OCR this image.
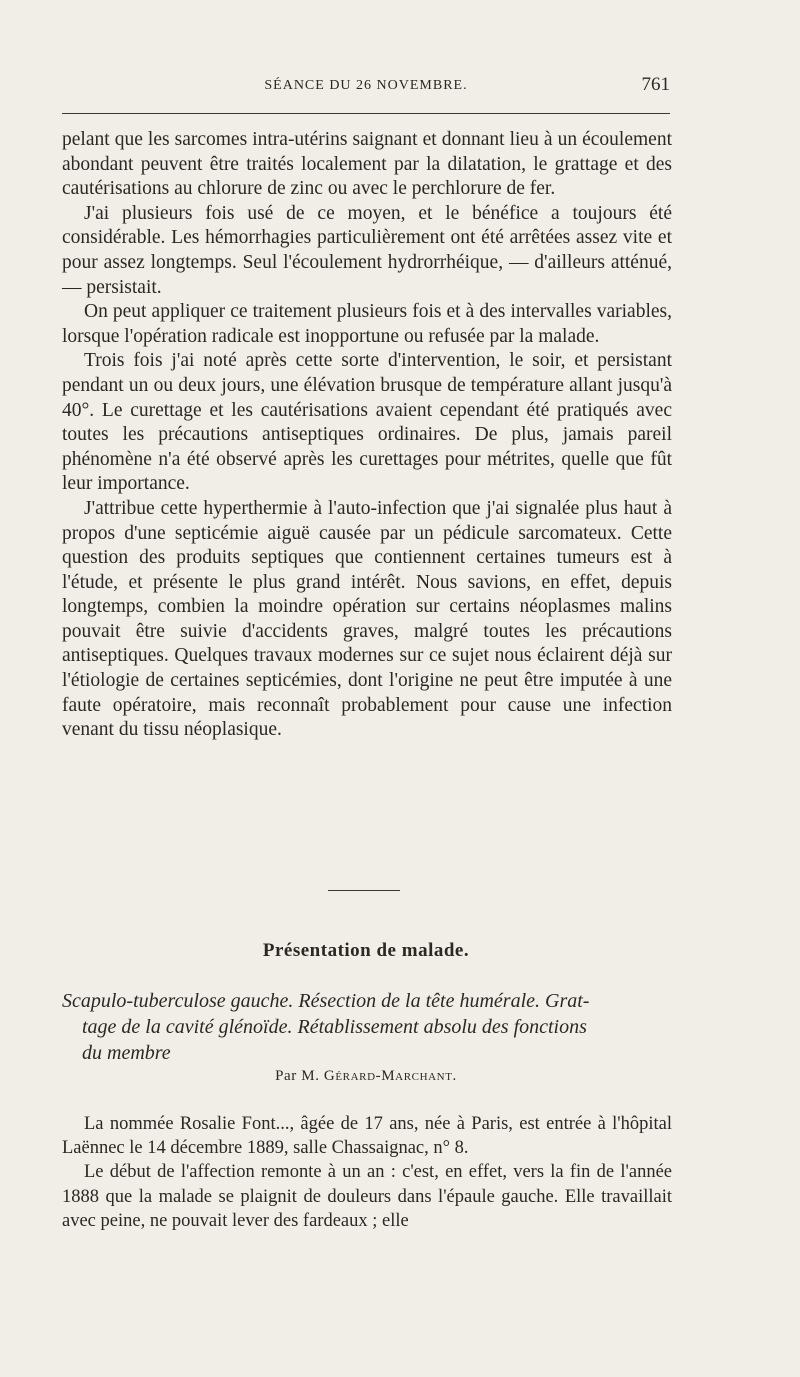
SÉANCE DU 26 NOVEMBRE.	761

pelant que les sarcomes intra-utérins saignant et donnant lieu à un écoulement abondant peuvent être traités localement par la dilatation, le grattage et des cautérisations au chlorure de zinc ou avec le perchlorure de fer.

J'ai plusieurs fois usé de ce moyen, et le bénéfice a toujours été considérable. Les hémorrhagies particulièrement ont été arrêtées assez vite et pour assez longtemps. Seul l'écoulement hydrorrhéique, — d'ailleurs atténué, — persistait.

On peut appliquer ce traitement plusieurs fois et à des intervalles variables, lorsque l'opération radicale est inopportune ou refusée par la malade.

Trois fois j'ai noté après cette sorte d'intervention, le soir, et persistant pendant un ou deux jours, une élévation brusque de température allant jusqu'à 40°. Le curettage et les cautérisations avaient cependant été pratiqués avec toutes les précautions antiseptiques ordinaires. De plus, jamais pareil phénomène n'a été observé après les curettages pour métrites, quelle que fût leur importance.

J'attribue cette hyperthermie à l'auto-infection que j'ai signalée plus haut à propos d'une septicémie aiguë causée par un pédicule sarcomateux. Cette question des produits septiques que contiennent certaines tumeurs est à l'étude, et présente le plus grand intérêt. Nous savions, en effet, depuis longtemps, combien la moindre opération sur certains néoplasmes malins pouvait être suivie d'accidents graves, malgré toutes les précautions antiseptiques. Quelques travaux modernes sur ce sujet nous éclairent déjà sur l'étiologie de certaines septicémies, dont l'origine ne peut être imputée à une faute opératoire, mais reconnaît probablement pour cause une infection venant du tissu néoplasique.

Présentation de malade.
Scapulo-tuberculose gauche. Résection de la tête humérale. Grat-
tage de la cavité glénoïde. Rétablissement absolu des fonctions
du membre
Par M. Gérard-Marchant.

La nommée Rosalie Font..., âgée de 17 ans, née à Paris, est entrée à l'hôpital Laënnec le 14 décembre 1889, salle Chassaignac, n° 8.

Le début de l'affection remonte à un an : c'est, en effet, vers la fin de l'année 1888 que la malade se plaignit de douleurs dans l'épaule gauche. Elle travaillait avec peine, ne pouvait lever des fardeaux ; elle
